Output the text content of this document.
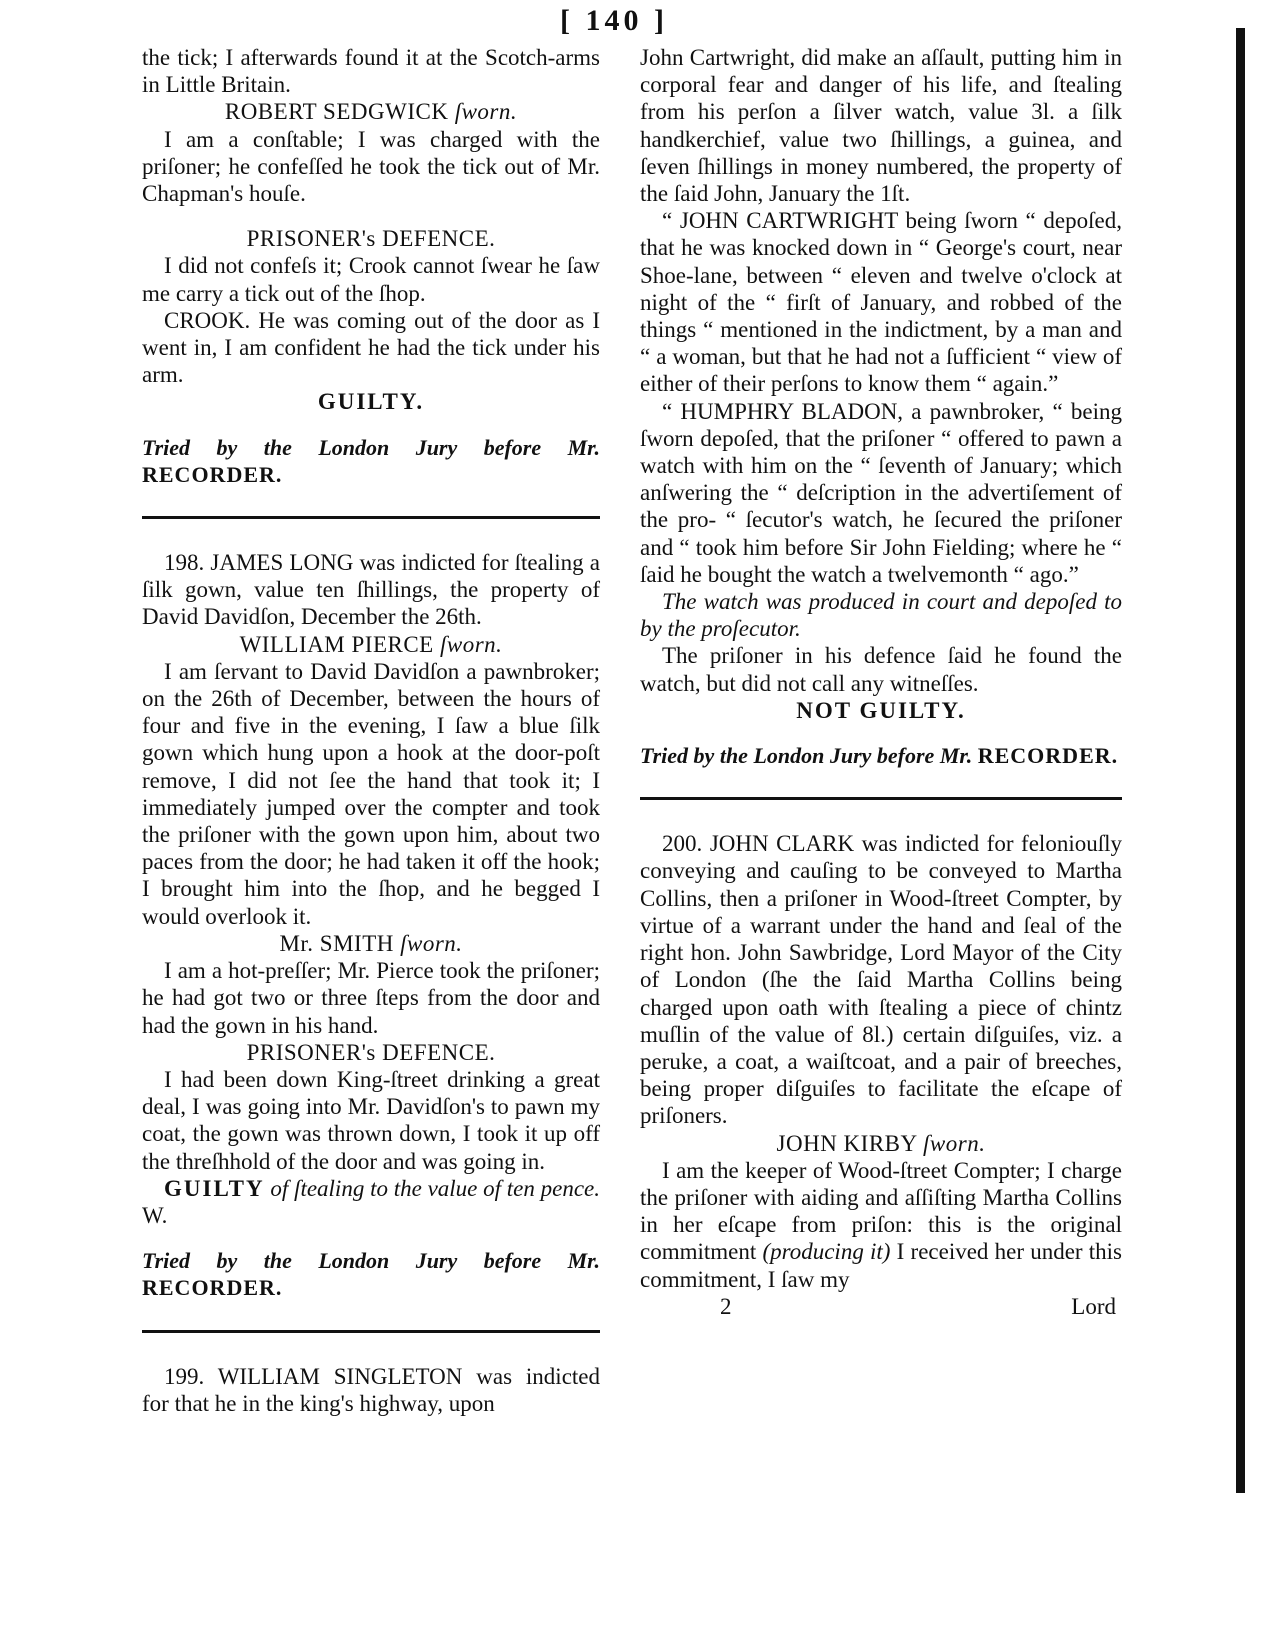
[ 140 ]

the tick; I afterwards found it at the Scotch-arms in Little Britain.

ROBERT SEDGWICK ſworn.

I am a conſtable; I was charged with the priſoner; he confeſſed he took the tick out of Mr. Chapman's houſe.

PRISONER's DEFENCE.

I did not confeſs it; Crook cannot ſwear he ſaw me carry a tick out of the ſhop.

CROOK. He was coming out of the door as I went in, I am confident he had the tick under his arm.

GUILTY.

Tried by the London Jury before Mr. RECORDER.

198. JAMES LONG was indicted for ſtealing a ſilk gown, value ten ſhillings, the property of David Davidſon, December the 26th.

WILLIAM PIERCE ſworn.

I am ſervant to David Davidſon a pawnbroker; on the 26th of December, between the hours of four and five in the evening, I ſaw a blue ſilk gown which hung upon a hook at the door-poſt remove, I did not ſee the hand that took it; I immediately jumped over the compter and took the priſoner with the gown upon him, about two paces from the door; he had taken it off the hook; I brought him into the ſhop, and he begged I would overlook it.

Mr. SMITH ſworn.

I am a hot-preſſer; Mr. Pierce took the priſoner; he had got two or three ſteps from the door and had the gown in his hand.

PRISONER's DEFENCE.

I had been down King-ſtreet drinking a great deal, I was going into Mr. Davidſon's to pawn my coat, the gown was thrown down, I took it up off the threſhhold of the door and was going in.

GUILTY of ſtealing to the value of ten pence. W.

Tried by the London Jury before Mr. RECORDER.

199. WILLIAM SINGLETON was indicted for that he in the king's highway, upon

John Cartwright, did make an aſſault, putting him in corporal fear and danger of his life, and ſtealing from his perſon a ſilver watch, value 3l. a ſilk handkerchief, value two ſhillings, a guinea, and ſeven ſhillings in money numbered, the property of the ſaid John, January the 1ſt.

“ JOHN CARTWRIGHT being ſworn “ depoſed, that he was knocked down in “ George's court, near Shoe-lane, between “ eleven and twelve o'clock at night of the “ firſt of January, and robbed of the things “ mentioned in the indictment, by a man and “ a woman, but that he had not a ſufficient “ view of either of their perſons to know them “ again.”

“ HUMPHRY BLADON, a pawnbroker, “ being ſworn depoſed, that the priſoner “ offered to pawn a watch with him on the “ ſeventh of January; which anſwering the “ deſcription in the advertiſement of the pro- “ ſecutor's watch, he ſecured the priſoner and “ took him before Sir John Fielding; where he “ ſaid he bought the watch a twelvemonth “ ago.”

The watch was produced in court and depoſed to by the proſecutor.

The priſoner in his defence ſaid he found the watch, but did not call any witneſſes.

NOT GUILTY.

Tried by the London Jury before Mr. RECORDER.

200. JOHN CLARK was indicted for feloniouſly conveying and cauſing to be conveyed to Martha Collins, then a priſoner in Wood-ſtreet Compter, by virtue of a warrant under the hand and ſeal of the right hon. John Sawbridge, Lord Mayor of the City of London (ſhe the ſaid Martha Collins being charged upon oath with ſtealing a piece of chintz muſlin of the value of 8l.) certain diſguiſes, viz. a peruke, a coat, a waiſtcoat, and a pair of breeches, being proper diſguiſes to facilitate the eſcape of priſoners.

JOHN KIRBY ſworn.

I am the keeper of Wood-ſtreet Compter; I charge the priſoner with aiding and aſſiſting Martha Collins in her eſcape from priſon: this is the original commitment (producing it) I received her under this commitment, I ſaw my

2	Lord
